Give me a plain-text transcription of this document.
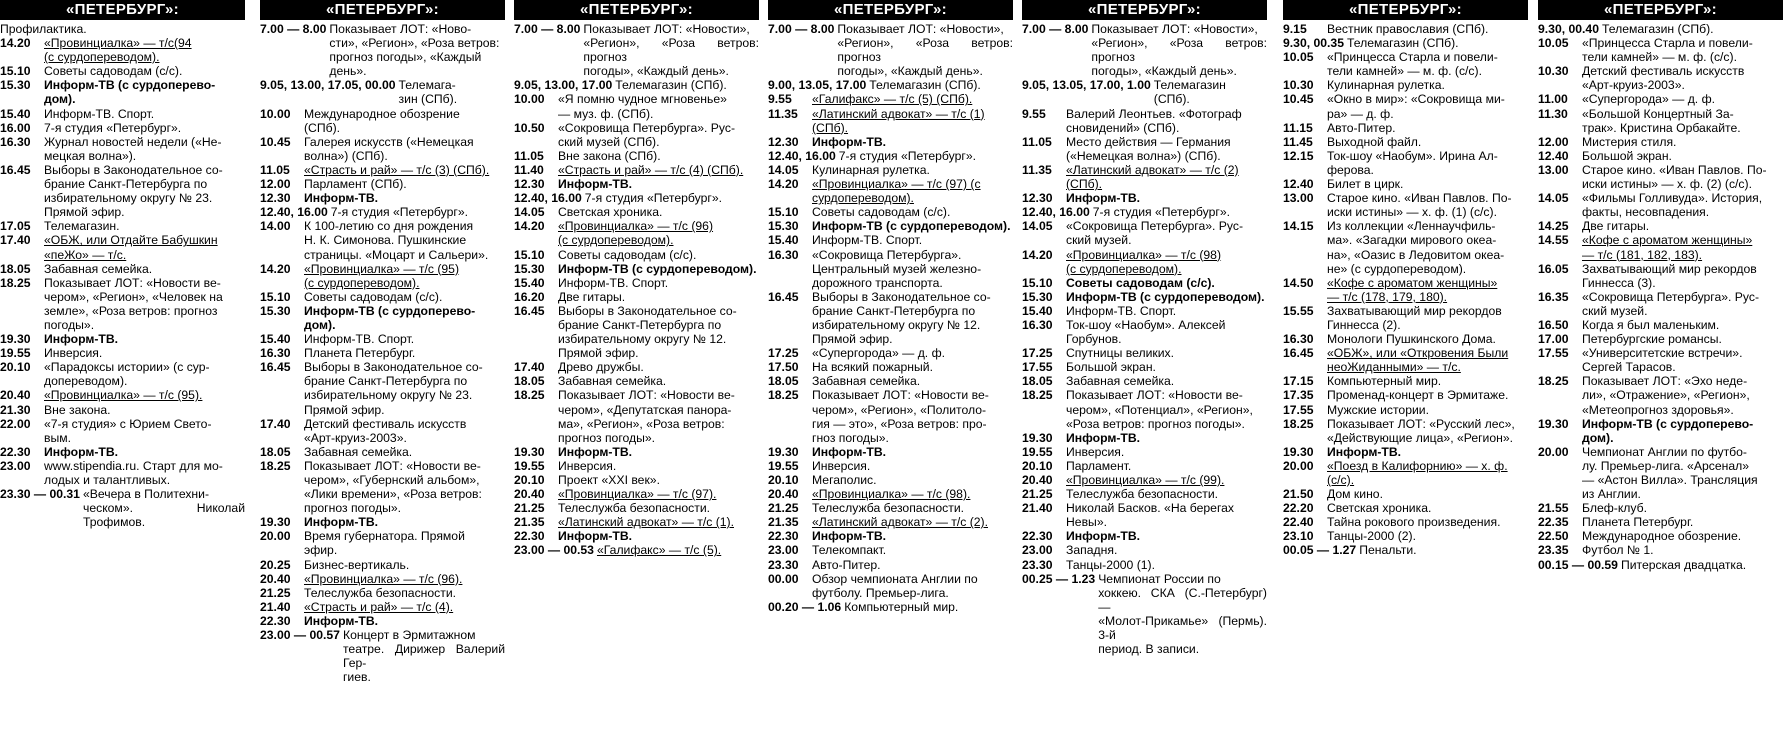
«ПЕТЕРБУРГ»:
Профилактика.
14.20	«Провинциалка» — т/с(94
(с сурдопереводом).
15.10	Советы садоводам (с/с).
15.30	Информ-ТВ (с сурдоперево-
дом).
15.40	Информ-ТВ. Спорт.
16.00	7-я студия «Петербург».
16.30	Журнал новостей недели («Не-
мецкая волна»).
16.45	Выборы в Законодательное со-
брание Санкт-Петербурга по
избирательному округу № 23.
Прямой эфир.
17.05	Телемагазин.
17.40	«ОБЖ, или Отдайте Бабушкин
«пеЖо» — т/с.
18.05	Забавная семейка.
18.25	Показывает ЛОТ: «Новости ве-
чером», «Регион», «Человек на
земле», «Роза ветров: прогноз
погоды».
19.30	Информ-ТВ.
19.55	Инверсия.
20.10	«Парадоксы истории» (с сур-
допереводом).
20.40	«Провинциалка» — т/с (95).
21.30	Вне закона.
22.00	«7-я студия» с Юрием Свето-
вым.
22.30	Информ-ТВ.
23.00	www.stipendia.ru. Старт для мо-
лодых и талантливых.
23.30 — 00.31 «Вечера в Политехни-
ческом». Николай Трофимов.
«ПЕТЕРБУРГ»:
7.00 — 8.00 Показывает ЛОТ: «Ново-
сти», «Регион», «Роза ветров:
прогноз погоды», «Каждый
день».
9.05, 13.00, 17.05, 00.00 Телемага-
зин (СПб).
10.00	Международное обозрение
(СПб).
10.45	Галерея искусств («Немецкая
волна») (СПб).
11.05	«Страсть и рай» — т/с (3) (СПб).
12.00	Парламент (СПб).
12.30	Информ-ТВ.
12.40, 16.00 7-я студия «Петербург».
14.00	К 100-летию со дня рождения
Н. К. Симонова. Пушкинские
страницы. «Моцарт и Сальери».
14.20	«Провинциалка» — т/с (95)
(с сурдопереводом).
15.10	Советы садоводам (с/с).
15.30	Информ-ТВ (с сурдоперево-
дом).
15.40	Информ-ТВ. Спорт.
16.30	Планета Петербург.
16.45	Выборы в Законодательное со-
брание Санкт-Петербурга по
избирательному округу № 23.
Прямой эфир.
17.40	Детский фестиваль искусств
«Арт-круиз-2003».
18.05	Забавная семейка.
18.25	Показывает ЛОТ: «Новости ве-
чером», «Губернский альбом»,
«Лики времени», «Роза ветров:
прогноз погоды».
19.30	Информ-ТВ.
20.00	Время губернатора. Прямой
эфир.
20.25	Бизнес-вертикаль.
20.40	«Провинциалка» — т/с (96).
21.25	Телеслужба безопасности.
21.40	«Страсть и рай» — т/с (4).
22.30	Информ-ТВ.
23.00 — 00.57 Концерт в Эрмитажном
театре. Дирижер Валерий Гер-
гиев.
«ПЕТЕРБУРГ»:
7.00 — 8.00 Показывает ЛОТ: «Новости»,
«Регион», «Роза ветров: прогноз
погоды», «Каждый день».
9.05, 13.00, 17.00 Телемагазин (СПб).
10.00	«Я помню чудное мгновенье»
— муз. ф. (СПб).
10.50	«Сокровища Петербурга». Рус-
ский музей (СПб).
11.05	Вне закона (СПб).
11.40	«Страсть и рай» — т/с (4) (СПб).
12.30	Информ-ТВ.
12.40, 16.00 7-я студия «Петербург».
14.05	Светская хроника.
14.20	«Провинциалка» — т/с (96)
(с сурдопереводом).
15.10	Советы садоводам (с/с).
15.30	Информ-ТВ (с сурдопереводом).
15.40	Информ-ТВ. Спорт.
16.20	Две гитары.
16.45	Выборы в Законодательное со-
брание Санкт-Петербурга по
избирательному округу № 12.
Прямой эфир.
17.40	Древо дружбы.
18.05	Забавная семейка.
18.25	Показывает ЛОТ: «Новости ве-
чером», «Депутатская панора-
ма», «Регион», «Роза ветров:
прогноз погоды».
19.30	Информ-ТВ.
19.55	Инверсия.
20.10	Проект «XXI век».
20.40	«Провинциалка» — т/с (97).
21.25	Телеслужба безопасности.
21.35	«Латинский адвокат» — т/с (1).
22.30	Информ-ТВ.
23.00 — 00.53 «Галифакс» — т/с (5).
«ПЕТЕРБУРГ»:
7.00 — 8.00 Показывает ЛОТ: «Новости»,
«Регион», «Роза ветров: прогноз
погоды», «Каждый день».
9.00, 13.05, 17.00 Телемагазин (СПб).
9.55	«Галифакс» — т/с (5) (СПб).
11.35	«Латинский адвокат» — т/с (1)
(СПб).
12.30	Информ-ТВ.
12.40, 16.00 7-я студия «Петербург».
14.05	Кулинарная рулетка.
14.20	«Провинциалка» — т/с (97) (с
сурдопереводом).
15.10	Советы садоводам (с/с).
15.30	Информ-ТВ (с сурдопереводом).
15.40	Информ-ТВ. Спорт.
16.30	«Сокровища Петербурга».
Центральный музей железно-
дорожного транспорта.
16.45	Выборы в Законодательное со-
брание Санкт-Петербурга по
избирательному округу № 12.
Прямой эфир.
17.25	«Супергорода» — д. ф.
17.50	На всякий пожарный.
18.05	Забавная семейка.
18.25	Показывает ЛОТ: «Новости ве-
чером», «Регион», «Политоло-
гия — это», «Роза ветров: про-
гноз погоды».
19.30	Информ-ТВ.
19.55	Инверсия.
20.10	Мегаполис.
20.40	«Провинциалка» — т/с (98).
21.25	Телеслужба безопасности.
21.35	«Латинский адвокат» — т/с (2).
22.30	Информ-ТВ.
23.00	Телекомпакт.
23.30	Авто-Питер.
00.00	Обзор чемпионата Англии по
футболу. Премьер-лига.
00.20 — 1.06 Компьютерный мир.
«ПЕТЕРБУРГ»:
7.00 — 8.00 Показывает ЛОТ: «Новости»,
«Регион», «Роза ветров: прогноз
погоды», «Каждый день».
9.05, 13.05, 17.00, 1.00 Телемагазин
(СПб).
9.55	Валерий Леонтьев. «Фотограф
сновидений» (СПб).
11.05	Место действия — Германия
(«Немецкая волна») (СПб).
11.35	«Латинский адвокат» — т/с (2)
(СПб).
12.30	Информ-ТВ.
12.40, 16.00 7-я студия «Петербург».
14.05	«Сокровища Петербурга». Рус-
ский музей.
14.20	«Провинциалка» — т/с (98)
(с сурдопереводом).
15.10	Советы садоводам (с/с).
15.30	Информ-ТВ (с сурдопереводом).
15.40	Информ-ТВ. Спорт.
16.30	Ток-шоу «Наобум». Алексей
Горбунов.
17.25	Спутницы великих.
17.55	Большой экран.
18.05	Забавная семейка.
18.25	Показывает ЛОТ: «Новости ве-
чером», «Потенциал», «Регион»,
«Роза ветров: прогноз погоды».
19.30	Информ-ТВ.
19.55	Инверсия.
20.10	Парламент.
20.40	«Провинциалка» — т/с (99).
21.25	Телеслужба безопасности.
21.40	Николай Басков. «На берегах
Невы».
22.30	Информ-ТВ.
23.00	Западня.
23.30	Танцы-2000 (1).
00.25 — 1.23 Чемпионат России по
хоккею. СКА (С.-Петербург) —
«Молот-Прикамье» (Пермь). 3-й
период. В записи.
«ПЕТЕРБУРГ»:
9.15	Вестник православия (СПб).
9.30, 00.35 Телемагазин (СПб).
10.05	«Принцесса Старла и повели-
тели камней» — м. ф. (с/с).
10.30	Кулинарная рулетка.
10.45	«Окно в мир»: «Сокровища ми-
ра» — д. ф.
11.15	Авто-Питер.
11.45	Выходной файл.
12.15	Ток-шоу «Наобум». Ирина Ал-
ферова.
12.40	Билет в цирк.
13.00	Старое кино. «Иван Павлов. По-
иски истины» — х. ф. (1) (с/с).
14.15	Из коллекции «Леннаучфиль-
ма». «Загадки мирового океа-
на», «Оазис в Ледовитом океа-
не» (с сурдопереводом).
14.50	«Кофе с ароматом женщины»
— т/с (178, 179, 180).
15.55	Захватывающий мир рекордов
Гиннесса (2).
16.30	Монологи Пушкинского Дома.
16.45	«ОБЖ», или «Откровения Были
неоЖиданными» — т/с.
17.15	Компьютерный мир.
17.35	Променад-концерт в Эрмитаже.
17.55	Мужские истории.
18.25	Показывает ЛОТ: «Русский лес»,
«Действующие лица», «Регион».
19.30	Информ-ТВ.
20.00	«Поезд в Калифорнию» — х. ф.
(с/с).
21.50	Дом кино.
22.20	Светская хроника.
22.40	Тайна рокового произведения.
23.10	Танцы-2000 (2).
00.05 — 1.27 Пенальти.
«ПЕТЕРБУРГ»:
9.30, 00.40 Телемагазин (СПб).
10.05	«Принцесса Старла и повели-
тели камней» — м. ф. (с/с).
10.30	Детский фестиваль искусств
«Арт-круиз-2003».
11.00	«Супергорода» — д. ф.
11.30	«Большой Концертный За-
трак». Кристина Орбакайте.
12.00	Мистерия стиля.
12.40	Большой экран.
13.00	Старое кино. «Иван Павлов. По-
иски истины» — х. ф. (2) (с/с).
14.05	«Фильмы Голливуда». История,
факты, несовпадения.
14.25	Две гитары.
14.55	«Кофе с ароматом женщины»
— т/с (181, 182, 183).
16.05	Захватывающий мир рекордов
Гиннесса (3).
16.35	«Сокровища Петербурга». Рус-
ский музей.
16.50	Когда я был маленьким.
17.00	Петербургские романсы.
17.55	«Университетские встречи».
Сергей Тарасов.
18.25	Показывает ЛОТ: «Эхо неде-
ли», «Отражение», «Регион»,
«Метеопрогноз здоровья».
19.30	Информ-ТВ (с сурдоперево-
дом).
20.00	Чемпионат Англии по футбо-
лу. Премьер-лига. «Арсенал»
— «Астон Вилла». Трансляция
из Англии.
21.55	Блеф-клуб.
22.35	Планета Петербург.
22.50	Международное обозрение.
23.35	Футбол № 1.
00.15 — 00.59 Питерская двадцатка.
